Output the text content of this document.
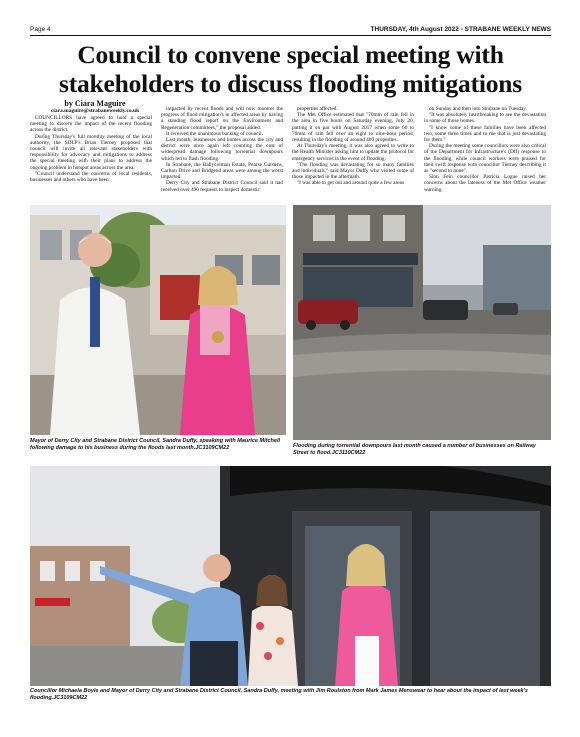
Page 4	THURSDAY, 4th August 2022 - STRABANE WEEKLY NEWS
Council to convene special meeting with stakeholders to discuss flooding mitigations
by Ciara Maguire
ciara.maguire@strabaneweekly.co.uk

COUNCILLORS have agreed to hold a special meeting to discern the impact of the recent flooding across the district.

During Thursday's full monthly meeting of the local authority, the SDLP's Brian Tierney proposed that council will invite all relevant stakeholders with responsibility for advocacy and mitigations to address the special meeting with their plans to address the ongoing problem in hotspot areas across the area.

"Council understand the concerns of local residents, businesses and others who have been

impacted by recent floods and will now monitor the progress of flood mitigation's in affected areas by having a standing flood report on the Environment and Regeneration committees," the proposal added.

It received the unanimous backing of council.

Last month, businesses and homes across the city and district were once again left counting the cost of widespread damage following torrential downpours which led to flash flooding.

In Strabane, the Ballycolman Estate, Pearse Gardens, Carlton Drive and Bridgend areas were among the worst impacted.

Derry City and Strabane District Council said it had received over 490 requests to inspect domestic

properties affected.

The Met Office estimated that "70mm of rain fell in the area in five hours on Saturday evening, July 20, putting it on par with August 2017 when some 60 to 70mm of rain fell over an eight to nine-hour period, resulting in the flooding of around 400 properties.

At Thursday's meeting, it was also agreed to write to the Health Minister asking him to update the protocol for emergency services in the event of flooding.

"The flooding was devastating for so many families and individuals," said Mayor Duffy who visited some of those impacted in the aftermath.

"I was able to get out and around quite a few areas

on Sunday and then into Strabane on Tuesday.

"It was absolutely heartbreaking to see the devastation in some of those homes.

"I know some of these families have been affected two, some three times and to me that is just devastating for them."

During the meeting some councillors were also critical of the Department for Infrastructure's (DfI) response to the flooding, while council workers were praised for their swift response with councillor Tierney describing it as "second to none".

Sinn Fein councillor Patricia Logue raised her concerns about the lateness of the Met Office weather warning.

Mayor of Derry City and Strabane District Council, Sandra Duffy, speaking with Maurice Mitchell following damage to his business during the floods last month.JC3109CM22	Flooding during torrential downpours last month caused a number of businesses on Railway Street to flood.JC3110CM22
Councillor Michaela Boyle and Mayor of Derry City and Strabane District Council, Sandra Duffy, meeting with Jim Roulston from Mark James Menswear to hear about the impact of last week's flooding.JC3109CM22
